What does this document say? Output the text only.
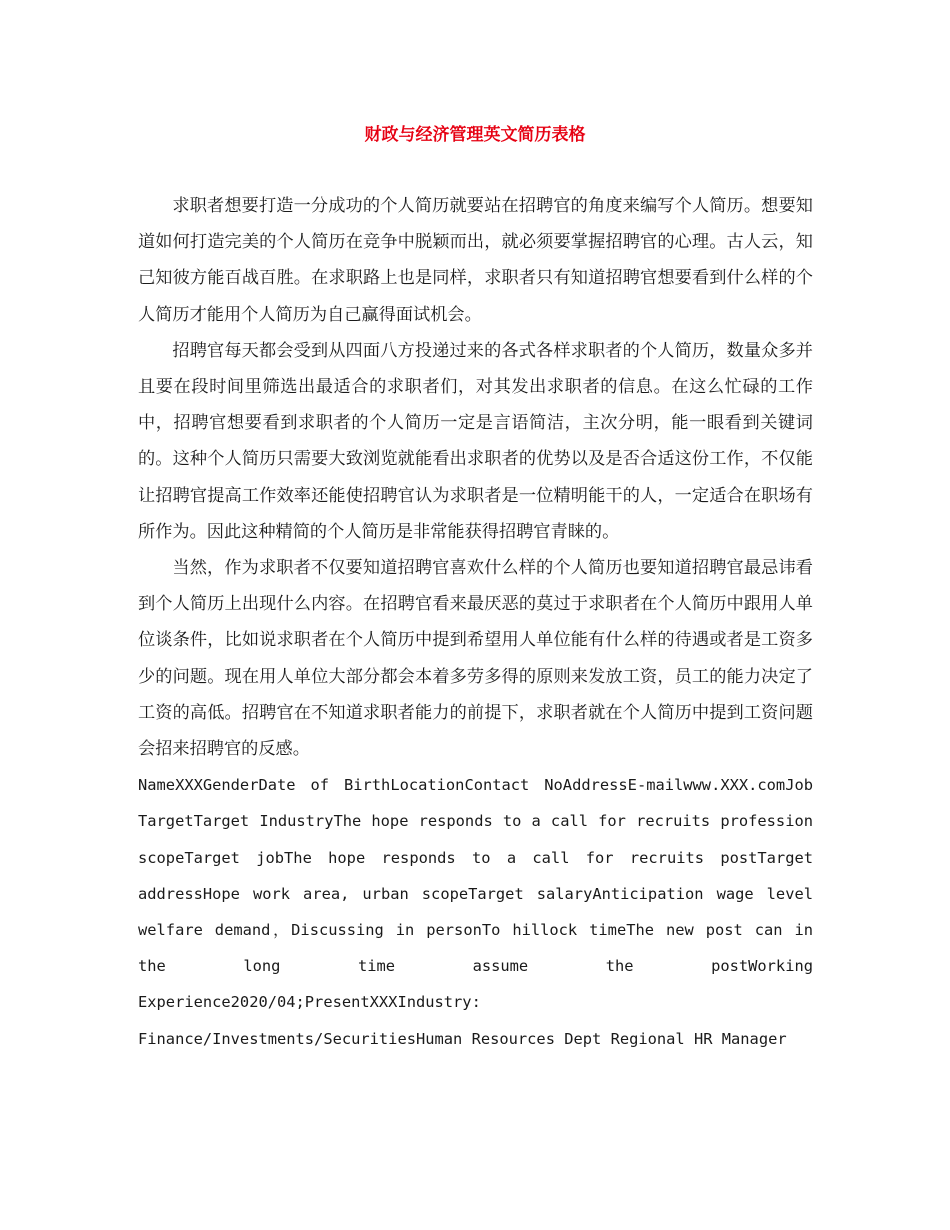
财政与经济管理英文简历表格

求职者想要打造一分成功的个人简历就要站在招聘官的角度来编写个人简历。想要知道如何打造完美的个人简历在竞争中脱颖而出，就必须要掌握招聘官的心理。古人云，知己知彼方能百战百胜。在求职路上也是同样，求职者只有知道招聘官想要看到什么样的个人简历才能用个人简历为自己赢得面试机会。

招聘官每天都会受到从四面八方投递过来的各式各样求职者的个人简历，数量众多并且要在段时间里筛选出最适合的求职者们，对其发出求职者的信息。在这么忙碌的工作中，招聘官想要看到求职者的个人简历一定是言语简洁，主次分明，能一眼看到关键词的。这种个人简历只需要大致浏览就能看出求职者的优势以及是否合适这份工作，不仅能让招聘官提高工作效率还能使招聘官认为求职者是一位精明能干的人，一定适合在职场有所作为。因此这种精简的个人简历是非常能获得招聘官青睐的。

当然，作为求职者不仅要知道招聘官喜欢什么样的个人简历也要知道招聘官最忌讳看到个人简历上出现什么内容。在招聘官看来最厌恶的莫过于求职者在个人简历中跟用人单位谈条件，比如说求职者在个人简历中提到希望用人单位能有什么样的待遇或者是工资多少的问题。现在用人单位大部分都会本着多劳多得的原则来发放工资，员工的能力决定了工资的高低。招聘官在不知道求职者能力的前提下，求职者就在个人简历中提到工资问题会招来招聘官的反感。

NameXXXGenderDate of BirthLocationContact NoAddressE-mailwww.XXX.comJob TargetTarget IndustryThe hope responds to a call for recruits profession scopeTarget jobThe hope responds to a call for recruits postTarget addressHope work area, urban scopeTarget salaryAnticipation wage level welfare demand，Discussing in personTo hillock timeThe new post can in the long time assume the postWorking Experience2020/04;PresentXXXIndustry: Finance/Investments/SecuritiesHuman Resources Dept Regional HR Manager
